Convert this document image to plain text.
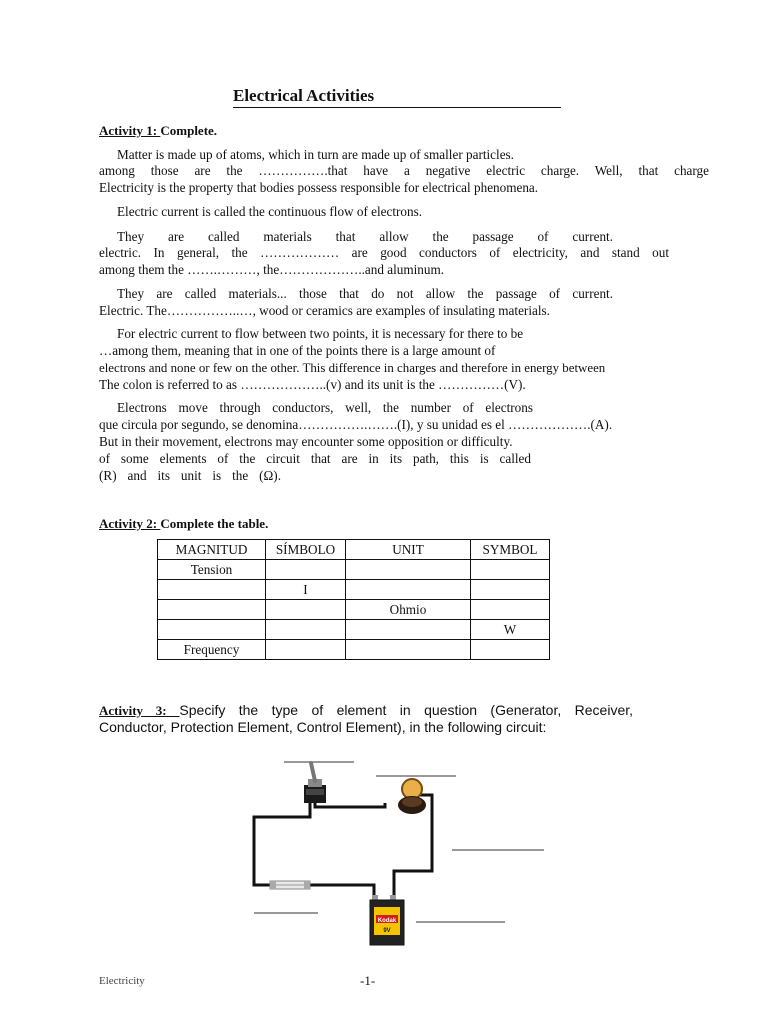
Electrical Activities
Activity 1: Complete.
Matter is made up of atoms, which in turn are made up of smaller particles.
among those are the …………….that have a negative electric charge. Well, that charge
Electricity is the property that bodies possess responsible for electrical phenomena.
Electric current is called the continuous flow of electrons.
They are called materials that allow the passage of current.
electric. In general, the ……………… are good conductors of electricity, and stand out
among them the …….………, the………………..and aluminum.
They are called materials... those that do not allow the passage of current.
Electric. The……………..…, wood or ceramics are examples of insulating materials.
For electric current to flow between two points, it is necessary for there to be
…among them, meaning that in one of the points there is a large amount of
electrons and none or few on the other. This difference in charges and therefore in energy between
The colon is referred to as ………………..(v) and its unit is the ……………(V).
Electrons move through conductors, well, the number of electrons
que circula por segundo, se denomina…………….…….(I), y su unidad es el ……………….(A).
But in their movement, electrons may encounter some opposition or difficulty.
of some elements of the circuit that are in its path, this is called
(R) and its unit is the (Ω).
Activity 2: Complete the table.
MAGNITUD	SÍMBOLO	UNIT	SYMBOL
Tension			
	I		
		Ohmio	
			W
Frequency			
Activity 3: Specify the type of element in question (Generator, Receiver,
Conductor, Protection Element, Control Element), in the following circuit:
Kodak
9V
Electricity	-1-
